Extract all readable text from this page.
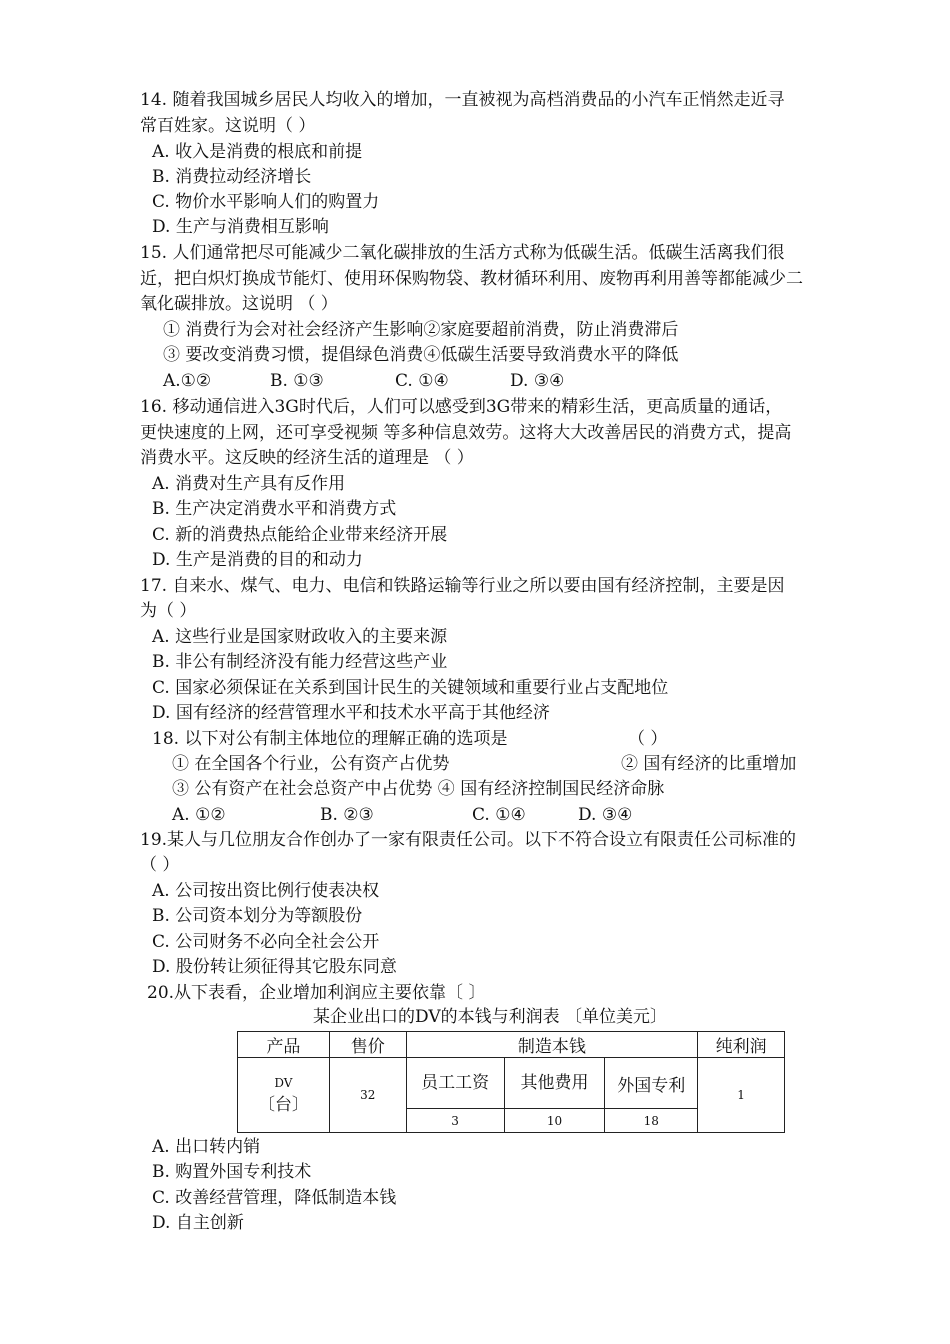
14. 随着我国城乡居民人均收入的增加，一直被视为高档消费品的小汽车正悄然走近寻
常百姓家。这说明（ ）
A. 收入是消费的根底和前提
B. 消费拉动经济增长
C. 物价水平影响人们的购置力
D. 生产与消费相互影响
15. 人们通常把尽可能减少二氧化碳排放的生活方式称为低碳生活。低碳生活离我们很
近，把白炽灯换成节能灯、使用环保购物袋、教材循环利用、废物再利用善等都能减少二
氧化碳排放。这说明 （ ）
① 消费行为会对社会经济产生影响②家庭要超前消费，防止消费滞后
③ 要改变消费习惯，提倡绿色消费④低碳生活要导致消费水平的降低
A.①②	B. ①③	C. ①④	D. ③④
16. 移动通信进入3G时代后，人们可以感受到3G带来的精彩生活，更高质量的通话，
更快速度的上网，还可享受视频 等多种信息效劳。这将大大改善居民的消费方式，提高
消费水平。这反映的经济生活的道理是 （ ）
A. 消费对生产具有反作用
B. 生产决定消费水平和消费方式
C. 新的消费热点能给企业带来经济开展
D. 生产是消费的目的和动力
17. 自来水、煤气、电力、电信和铁路运输等行业之所以要由国有经济控制，主要是因
为（ ）
A. 这些行业是国家财政收入的主要来源
B. 非公有制经济没有能力经营这些产业
C. 国家必须保证在关系到国计民生的关键领域和重要行业占支配地位
D. 国有经济的经营管理水平和技术水平高于其他经济
18. 以下对公有制主体地位的理解正确的选项是	（ ）
① 在全国各个行业，公有资产占优势	② 国有经济的比重增加
③ 公有资产在社会总资产中占优势 ④ 国有经济控制国民经济命脉
A. ①②	B. ②③	C. ①④	D. ③④
19.某人与几位朋友合作创办了一家有限责任公司。以下不符合设立有限责任公司标准的
（ ）
A. 公司按出资比例行使表决权
B. 公司资本划分为等额股份
C. 公司财务不必向全社会公开
D. 股份转让须征得其它股东同意
20.从下表看，企业增加利润应主要依靠〔 〕
某企业出口的DV的本钱与利润表 〔单位美元〕
产品	售价	制造本钱			纯利润

DV
〔台〕	32	员工工资	其他费用	外国专利	1
		3	10	18	
A. 出口转内销
B. 购置外国专利技术
C. 改善经营管理，降低制造本钱
D. 自主创新
